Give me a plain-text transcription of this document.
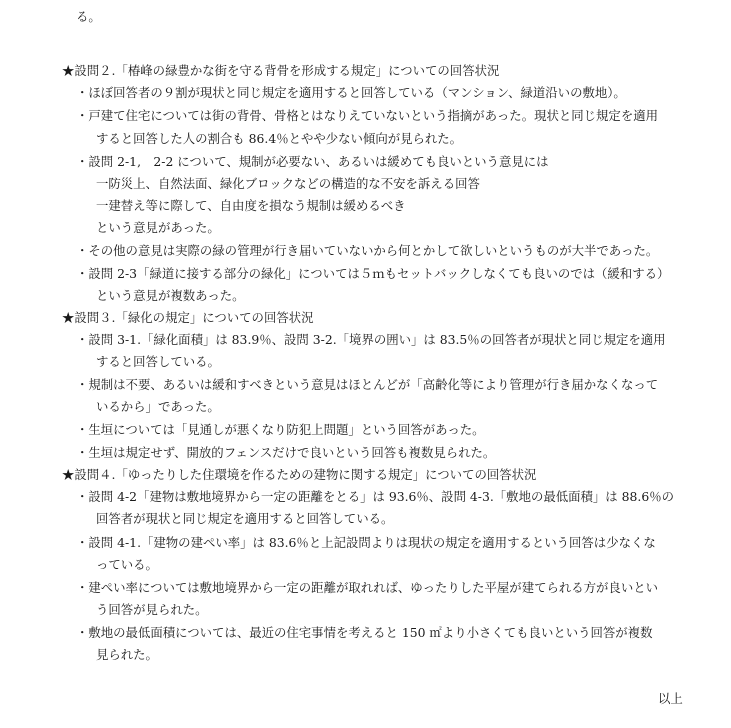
る。
★設問２.「椿峰の緑豊かな街を守る背骨を形成する規定」についての回答状況
・ほぼ回答者の９割が現状と同じ規定を適用すると回答している（マンション、緑道沿いの敷地）。
・戸建て住宅については街の背骨、骨格とはなりえていないという指摘があった。現状と同じ規定を適用
すると回答した人の割合も 86.4％とやや少ない傾向が見られた。
・設問 2-1,　2-2 について、規制が必要ない、あるいは緩めても良いという意見には
一防災上、自然法面、緑化ブロックなどの構造的な不安を訴える回答
一建替え等に際して、自由度を損なう規制は緩めるべき
という意見があった。
・その他の意見は実際の緑の管理が行き届いていないから何とかして欲しいというものが大半であった。
・設問 2-3「緑道に接する部分の緑化」については５ｍもセットバックしなくても良いのでは（緩和する）
という意見が複数あった。
★設問３.「緑化の規定」についての回答状況
・設問 3-1.「緑化面積」は 83.9％、設問 3-2.「境界の囲い」は 83.5％の回答者が現状と同じ規定を適用
すると回答している。
・規制は不要、あるいは緩和すべきという意見はほとんどが「高齢化等により管理が行き届かなくなって
いるから」であった。
・生垣については「見通しが悪くなり防犯上問題」という回答があった。
・生垣は規定せず、開放的フェンスだけで良いという回答も複数見られた。
★設問４.「ゆったりした住環境を作るための建物に関する規定」についての回答状況
・設問 4-2「建物は敷地境界から一定の距離をとる」は 93.6％、設問 4-3.「敷地の最低面積」は 88.6％の
回答者が現状と同じ規定を適用すると回答している。
・設問 4-1.「建物の建ぺい率」は 83.6％と上記設問よりは現状の規定を適用するという回答は少なくな
っている。
・建ぺい率については敷地境界から一定の距離が取れれば、ゆったりした平屋が建てられる方が良いとい
う回答が見られた。
・敷地の最低面積については、最近の住宅事情を考えると 150 ㎡より小さくても良いという回答が複数
見られた。
以上
